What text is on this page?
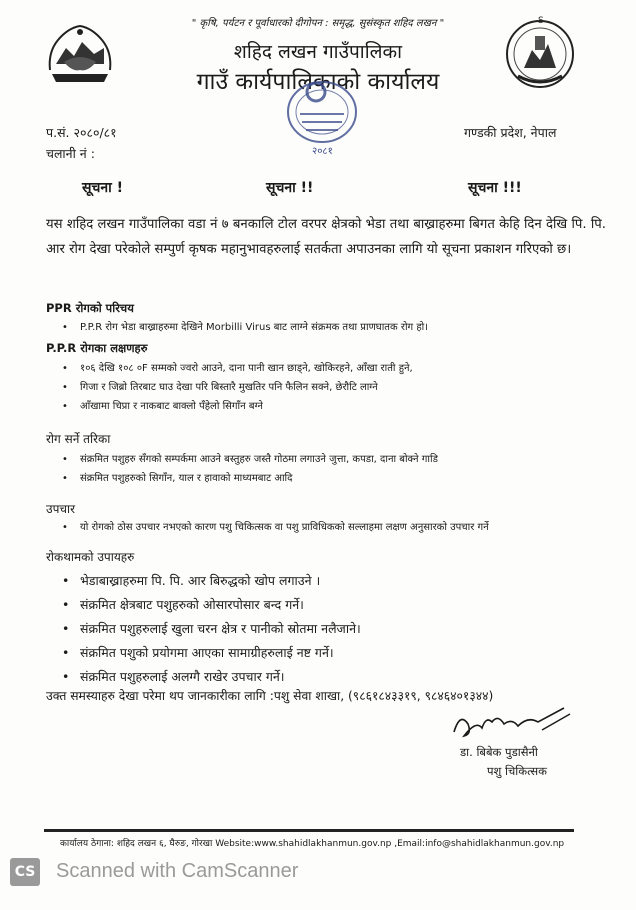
" कृषि, पर्यटन र पूर्वाधारको दीगोपन : समृद्ध, सुसंस्कृत शहिद लखन "	S
शहिद लखन गाउँपालिका
गाउँ कार्यपालिकाको कार्यालय
२०८१
प.सं. २०८०/८१
चलानी नं :
गण्डकी प्रदेश, नेपाल
सूचना !	सूचना !!	सूचना !!!
यस शहिद लखन गाउँपालिका वडा नं ७ बनकालि टोल वरपर क्षेत्रको भेडा तथा बाख्राहरुमा बिगत केहि दिन देखि पि. पि. आर रोग देखा परेकोले सम्पुर्ण कृषक महानुभावहरुलाई सतर्कता अपाउनका लागि यो सूचना प्रकाशन गरिएको छ।
PPR रोगको परिचय
• P.P.R रोग भेडा बाख्राहरुमा देखिने Morbilli Virus बाट लाग्ने संक्रमक तथा प्राणघातक रोग हो।
P.P.R रोगका लक्षणहरु
• १०६ देखि १०८ ०F सम्मको ज्वरो आउने, दाना पानी खान छाड्ने, खोकिरहने, आँखा राती हुने,
• गिजा र जिब्रो तिरबाट घाउ देखा परि बिस्तारै मुखतिर पनि फैलिन सक्ने, छेरौटि लाग्ने
• आँखामा चिप्रा र नाकबाट बाक्लो पँहेलो सिगाँन बग्ने
रोग सर्ने तरिका
• संक्रमित पशुहरु सँगको सम्पर्कमा आउने बस्तुहरु जस्तै गोठमा लगाउने जुत्ता, कपडा, दाना बोक्ने गाडि
• संक्रमित पशुहरुको सिगाँन, याल र हावाको माध्यमबाट आदि
उपचार
• यो रोगको ठोस उपचार नभएको कारण पशु चिकित्सक वा पशु प्राविधिकको सल्लाहमा लक्षण अनुसारको उपचार गर्ने
रोकथामको उपायहरु
• भेडाबाख्राहरुमा पि. पि. आर बिरुद्धको खोप लगाउने ।
• संक्रमित क्षेत्रबाट पशुहरुको ओसारपोसार बन्द गर्ने।
• संक्रमित पशुहरुलाई खुला चरन क्षेत्र र पानीको स्रोतमा नलैजाने।
• संक्रमित पशुको प्रयोगमा आएका सामाग्रीहरुलाई नष्ट गर्ने।
• संक्रमित पशुहरुलाई अलग्गै राखेर उपचार गर्ने।
उक्त समस्याहरु देखा परेमा थप जानकारीका लागि :पशु सेवा शाखा, (९८६१८४३३१९, ९८४६४०१३४४)
डा. बिबेक पुडासैनी
पशु चिकित्सक
कार्यालय ठेगाना: शहिद लखन ६, घैरुङ, गोरखा Website:www.shahidlakhanmun.gov.np ,Email:info@shahidlakhanmun.gov.np
CS Scanned with CamScanner
